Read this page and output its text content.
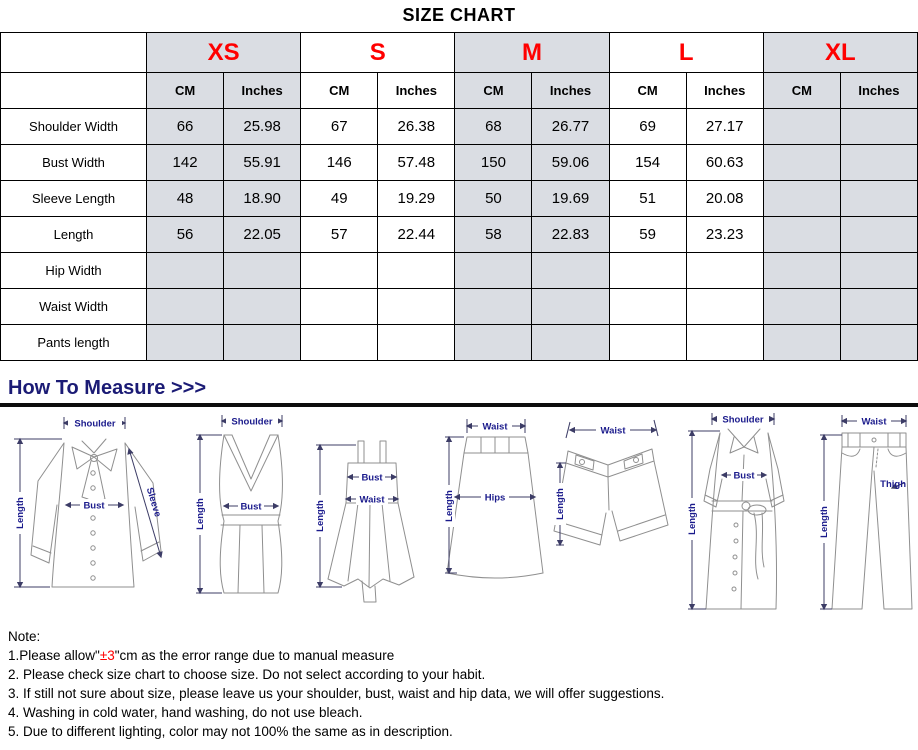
SIZE CHART
	XS		S		M		L		XL	
	CM	Inches	CM	Inches	CM	Inches	CM	Inches	CM	Inches
Shoulder Width	66	25.98	67	26.38	68	26.77	69	27.17		
Bust Width	142	55.91	146	57.48	150	59.06	154	60.63		
Sleeve Length	48	18.90	49	19.29	50	19.69	51	20.08		
Length	56	22.05	57	22.44	58	22.83	59	23.23		
Hip Width										
Waist Width										
Pants length										
How To Measure >>>
Shoulder
Length	Bust	Sleeve
Shoulder
Length	Bust	Length
Bust
Waist
Waist
Length	Hips
Waist
Length
Shoulder
Length
Bust
Waist
Length
Thigh
Note:
1.Please allow"±3"cm as the error range due to manual measure
2. Please check size chart to choose size. Do not select according to your habit.
3. If still not sure about size, please leave us your shoulder, bust, waist and hip data, we will offer suggestions.
4. Washing in cold water, hand washing, do not use bleach.
5. Due to different lighting, color may not 100% the same as in description.
